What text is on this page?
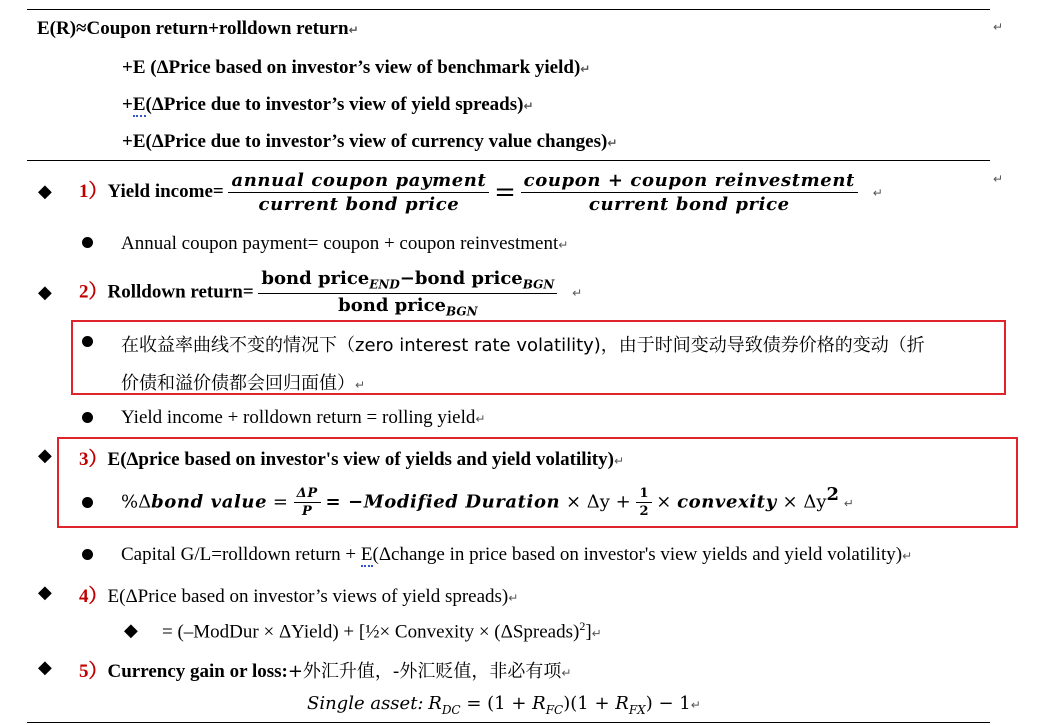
E(R)≈Coupon return+rolldown return↵	↵
+E (ΔPrice based on investor’s view of benchmark yield)↵
+E(ΔPrice due to investor’s view of yield spreads)↵
+E(ΔPrice due to investor’s view of currency value changes)↵
↵
◆ 1）Yield income= $\frac{\text{annual coupon payment}}{\text{current bond price}} = \frac{\text{coupon + coupon reinvestment}}{\text{current bond price}}$ ↵
Annual coupon payment= coupon + coupon reinvestment↵
◆ 2）Rolldown return= $\frac{bond price_{END}-bond price_{BGN}}{bond price_{BGN}}$ ↵
在收益率曲线不变的情况下（zero interest rate volatility)，由于时间变动导致债券价格的变动（折
价债和溢价债都会回归面值）↵
Yield income + rolldown return = rolling yield↵
◆ 3）E(Δprice based on investor's view of yields and yield volatility)↵
%Δbond value = $\frac{\Delta P}{P}$ = −Modified Duration × $\Delta y + \frac{1}{2}$ × convexity × $\Delta y^2$ ↵
Capital G/L=rolldown return + E(Δchange in price based on investor's view yields and yield volatility)↵
◆ 4）E(ΔPrice based on investor’s views of yield spreads)↵
◆ = (–ModDur × ΔYield) + [½× Convexity × (ΔSpreads)$^2$]↵
◆ 5）Currency gain or loss:+外汇升值，-外汇贬值，非必有项↵
Single asset: $R_{DC} = (1 + R_{FC})(1 + R_{FX})$ − 1↵
